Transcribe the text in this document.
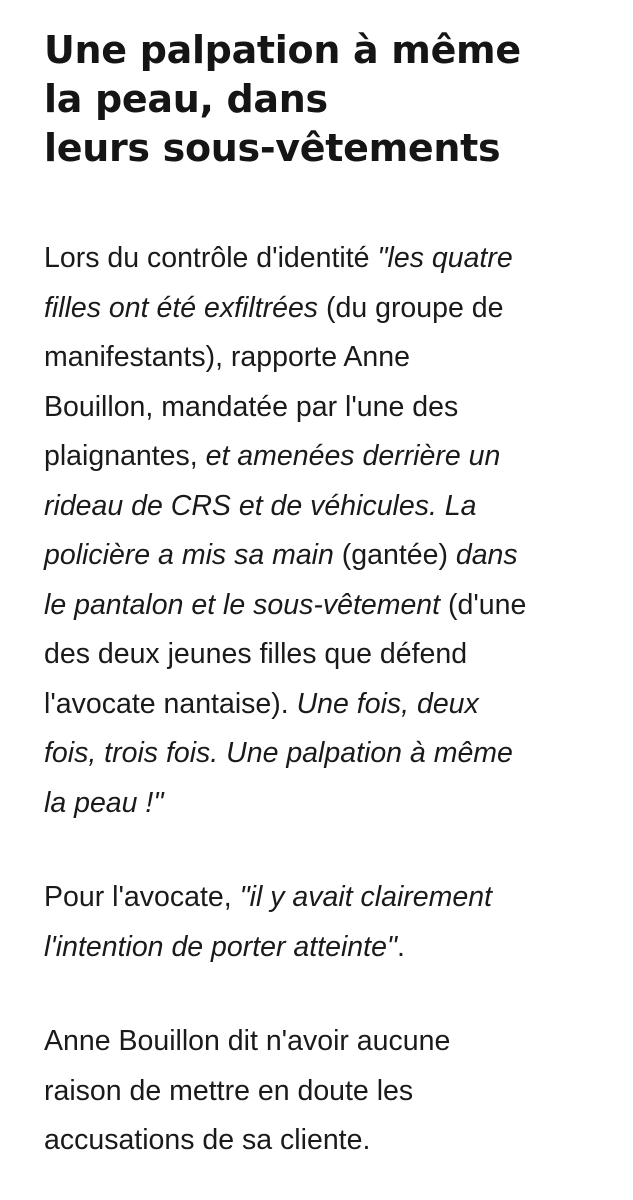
Une palpation à même
la peau, dans
leurs sous-vêtements

Lors du contrôle d'identité "les quatre
filles ont été exfiltrées (du groupe de
manifestants), rapporte Anne
Bouillon, mandatée par l'une des
plaignantes, et amenées derrière un
rideau de CRS et de véhicules. La
policière a mis sa main (gantée) dans
le pantalon et le sous-vêtement (d'une
des deux jeunes filles que défend
l'avocate nantaise). Une fois, deux
fois, trois fois. Une palpation à même
la peau !"

Pour l'avocate, "il y avait clairement
l'intention de porter atteinte".

Anne Bouillon dit n'avoir aucune
raison de mettre en doute les
accusations de sa cliente.
